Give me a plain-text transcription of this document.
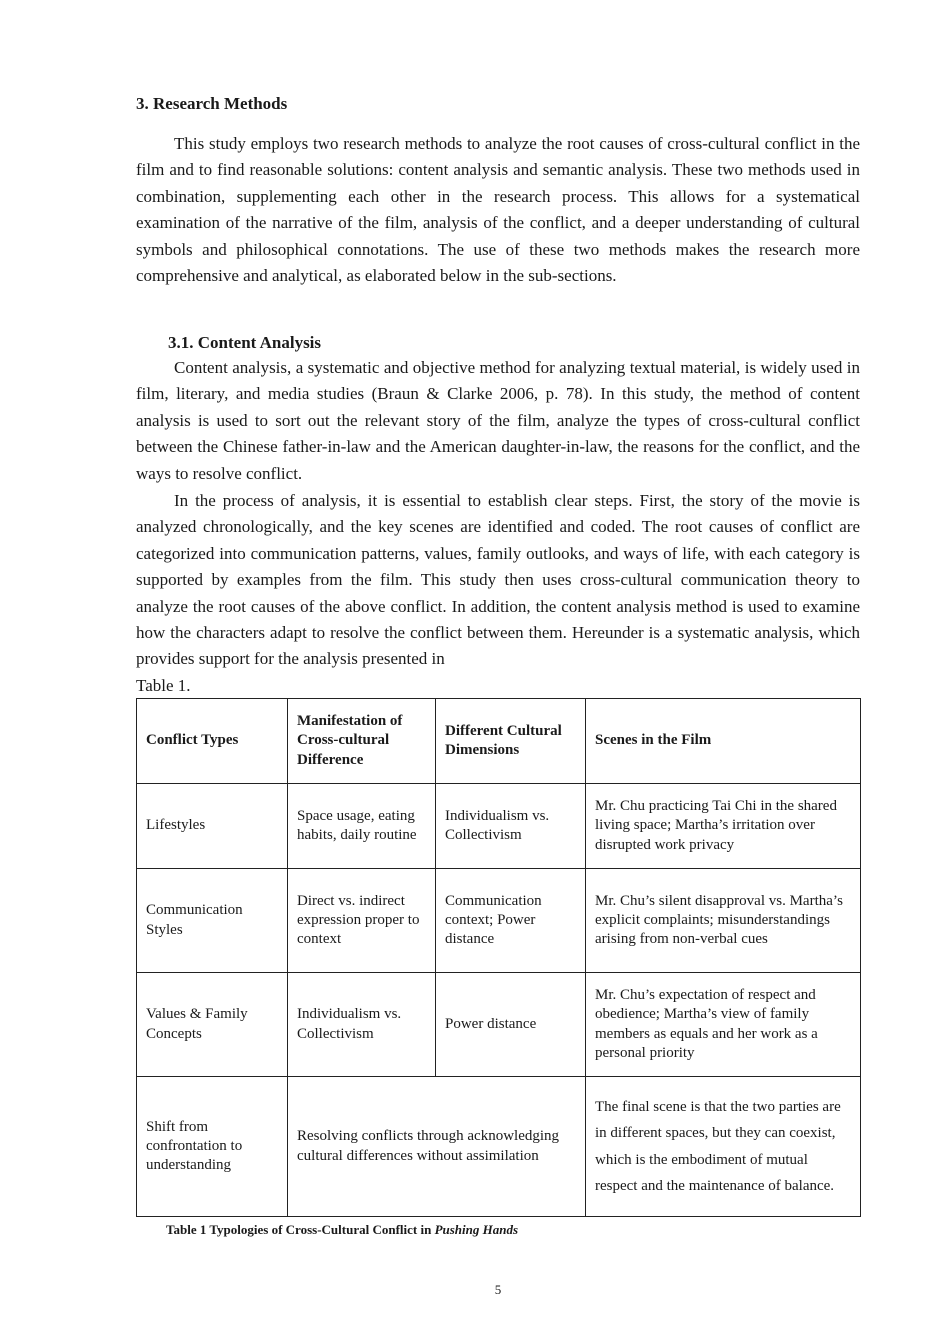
3. Research Methods

This study employs two research methods to analyze the root causes of cross-cultural conflict in the film and to find reasonable solutions: content analysis and semantic analysis. These two methods used in combination, supplementing each other in the research process. This allows for a systematical examination of the narrative of the film, analysis of the conflict, and a deeper understanding of cultural symbols and philosophical connotations. The use of these two methods makes the research more comprehensive and analytical, as elaborated below in the sub-sections.

3.1. Content Analysis

Content analysis, a systematic and objective method for analyzing textual material, is widely used in film, literary, and media studies (Braun & Clarke 2006, p. 78). In this study, the method of content analysis is used to sort out the relevant story of the film, analyze the types of cross-cultural conflict between the Chinese father-in-law and the American daughter-in-law, the reasons for the conflict, and the ways to resolve conflict.

In the process of analysis, it is essential to establish clear steps. First, the story of the movie is analyzed chronologically, and the key scenes are identified and coded. The root causes of conflict are categorized into communication patterns, values, family outlooks, and ways of life, with each category is supported by examples from the film. This study then uses cross-cultural communication theory to analyze the root causes of the above conflict. In addition, the content analysis method is used to examine how the characters adapt to resolve the conflict between them. Hereunder is a systematic analysis, which provides support for the analysis presented in

Table 1.
Conflict Types	Manifestation of Cross-cultural Difference	Different Cultural Dimensions	Scenes in the Film
Lifestyles	Space usage, eating habits, daily routine	Individualism vs. Collectivism	Mr. Chu practicing Tai Chi in the shared living space; Martha’s irritation over disrupted work privacy
Communication Styles	Direct vs. indirect expression proper to context	Communication context; Power distance	Mr. Chu’s silent disapproval vs. Martha’s explicit complaints; misunderstandings arising from non-verbal cues
Values & Family Concepts	Individualism vs. Collectivism	Power distance	Mr. Chu’s expectation of respect and obedience; Martha’s view of family members as equals and her work as a personal priority
Shift from confrontation to understanding	Resolving conflicts through acknowledging cultural differences without assimilation		The final scene is that the two parties are in different spaces, but they can coexist, which is the embodiment of mutual respect and the maintenance of balance.
Table 1 Typologies of Cross-Cultural Conflict in Pushing Hands
5
